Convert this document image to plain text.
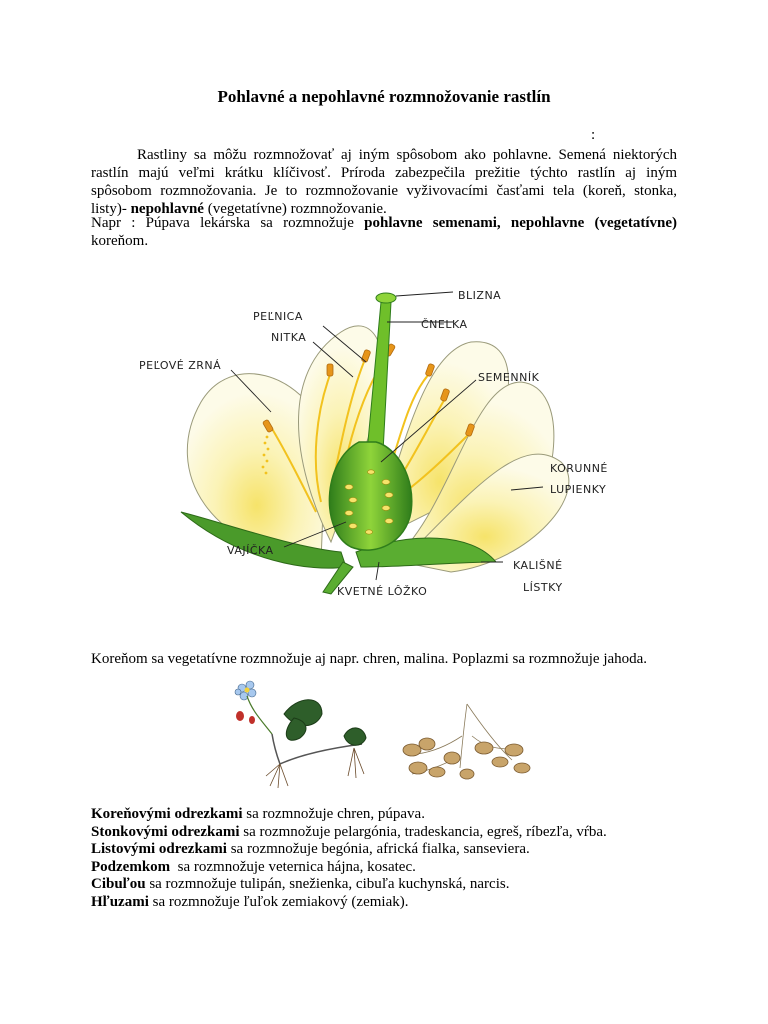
Pohlavné a nepohlavné rozmnožovanie rastlín
:
Rastliny sa môžu rozmnožovať aj iným spôsobom ako pohlavne. Semená niektorých
rastlín majú veľmi krátku klíčivosť. Príroda zabezpečila prežitie týchto rastlín aj iným
spôsobom rozmnožovania. Je to rozmnožovanie vyživovacími časťami tela (koreň, stonka,
listy)- nepohlavné (vegetatívne) rozmnožovanie.
Napr : Púpava lekárska sa rozmnožuje pohlavne semenami, nepohlavne (vegetatívne)
koreňom.
BLIZNA
PEĽNICA
ČNELKA
NITKA
PEĽOVÉ ZRNÁ
SEMENNÍK
KORUNNÉ
LUPIENKY
VAJÍČKA
KALIŠNÉ
LÍSTKY
KVETNÉ LÔŽKO
Koreňom sa vegetatívne rozmnožuje aj napr. chren, malina. Poplazmi sa rozmnožuje jahoda.
Koreňovými odrezkami sa rozmnožuje chren, púpava.
Stonkovými odrezkami sa rozmnožuje pelargónia, tradeskancia, egreš, ríbezľa, vŕba.
Listovými odrezkami sa rozmnožuje begónia, africká fialka, sanseviera.
Podzemkom  sa rozmnožuje veternica hájna, kosatec.
Cibuľou sa rozmnožuje tulipán, snežienka, cibuľa kuchynská, narcis.
Hľuzami sa rozmnožuje ľuľok zemiakový (zemiak).
